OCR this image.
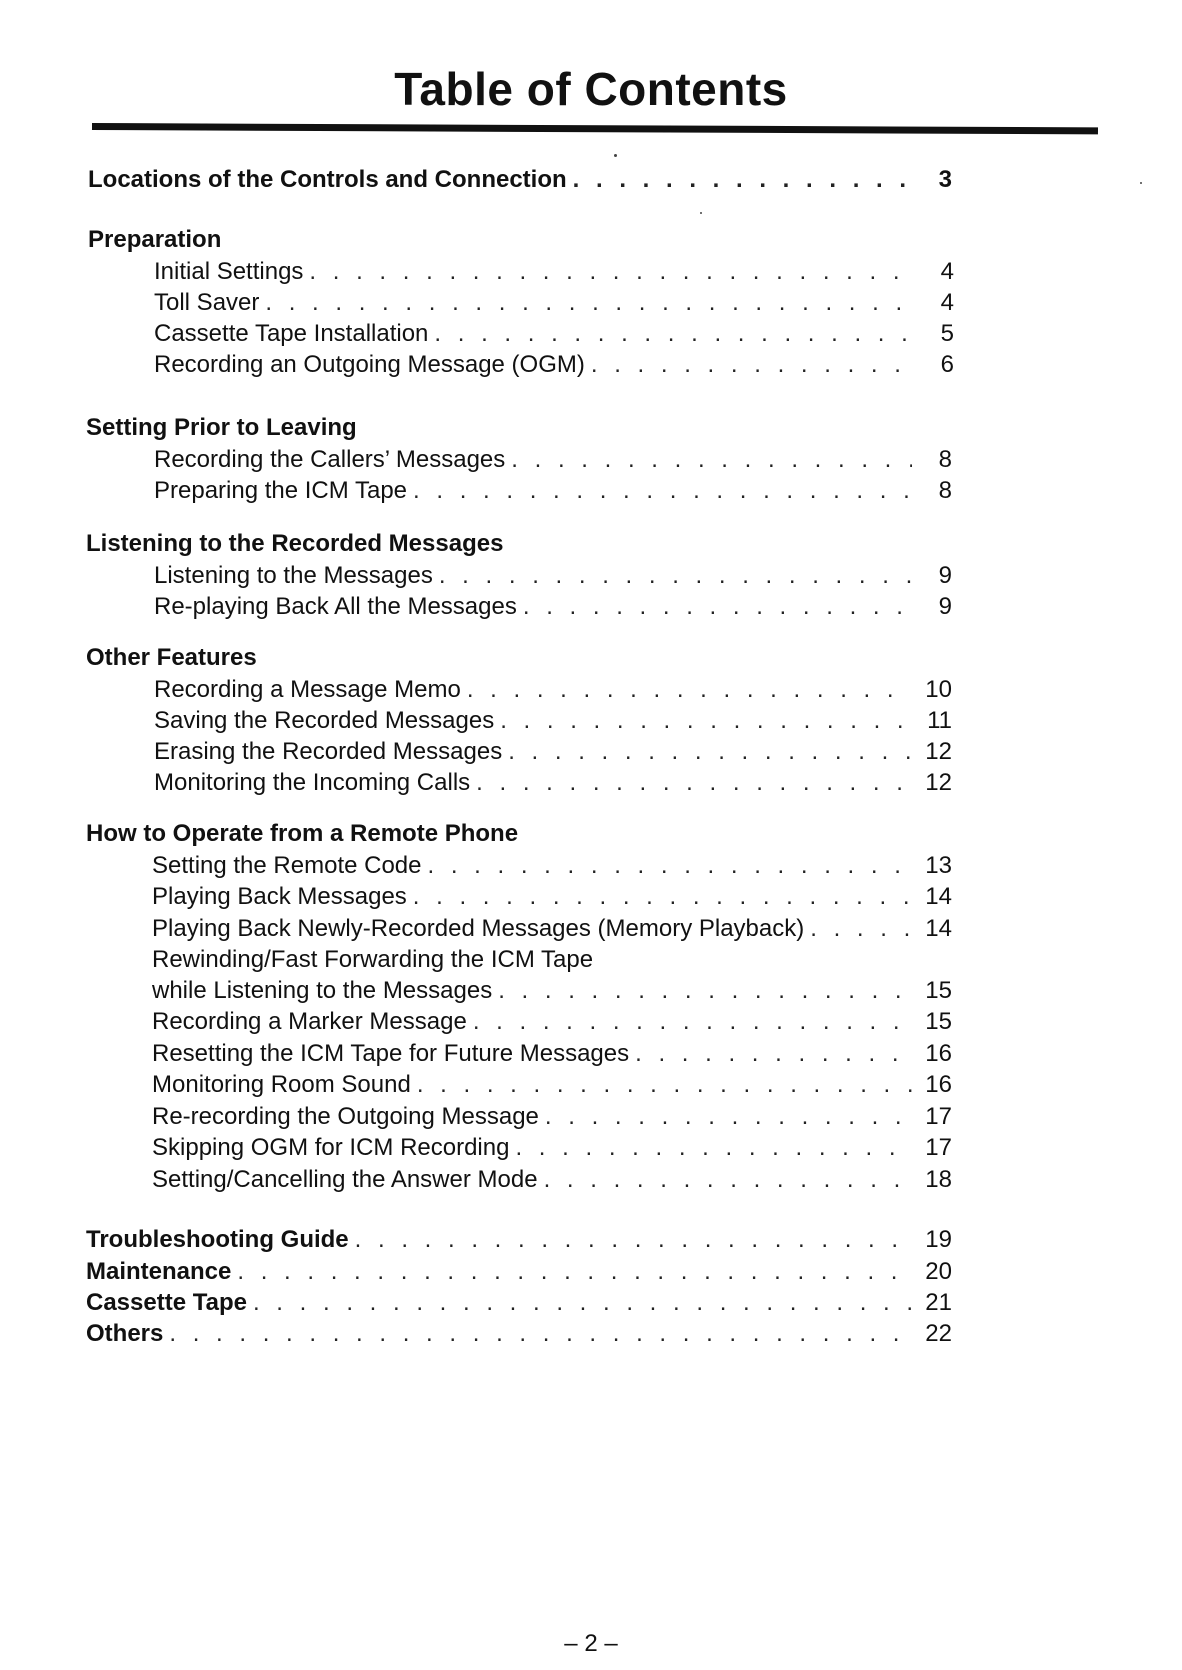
Table of Contents
Locations of the Controls and Connection . . .	3
Preparation
Initial Settings . . .	4
Toll Saver . . .	4
Cassette Tape Installation . . .	5
Recording an Outgoing Message (OGM) . . .	6
Setting Prior to Leaving
Recording the Callers’ Messages . . .	8
Preparing the ICM Tape . . .	8
Listening to the Recorded Messages
Listening to the Messages . . .	9
Re-playing Back All the Messages . . .	9
Other Features
Recording a Message Memo . . .	10
Saving the Recorded Messages . . .	11
Erasing the Recorded Messages . . .	12
Monitoring the Incoming Calls . . .	12
How to Operate from a Remote Phone
Setting the Remote Code . . .	13
Playing Back Messages . . .	14
Playing Back Newly-Recorded Messages (Memory Playback) . . .	14
Rewinding/Fast Forwarding the ICM Tape
while Listening to the Messages . . .	15
Recording a Marker Message . . .	15
Resetting the ICM Tape for Future Messages . . .	16
Monitoring Room Sound . . .	16
Re-recording the Outgoing Message . . .	17
Skipping OGM for ICM Recording . . .	17
Setting/Cancelling the Answer Mode . . .	18
Troubleshooting Guide . . .	19
Maintenance . . .	20
Cassette Tape . . .	21
Others . . .	22
– 2 –
